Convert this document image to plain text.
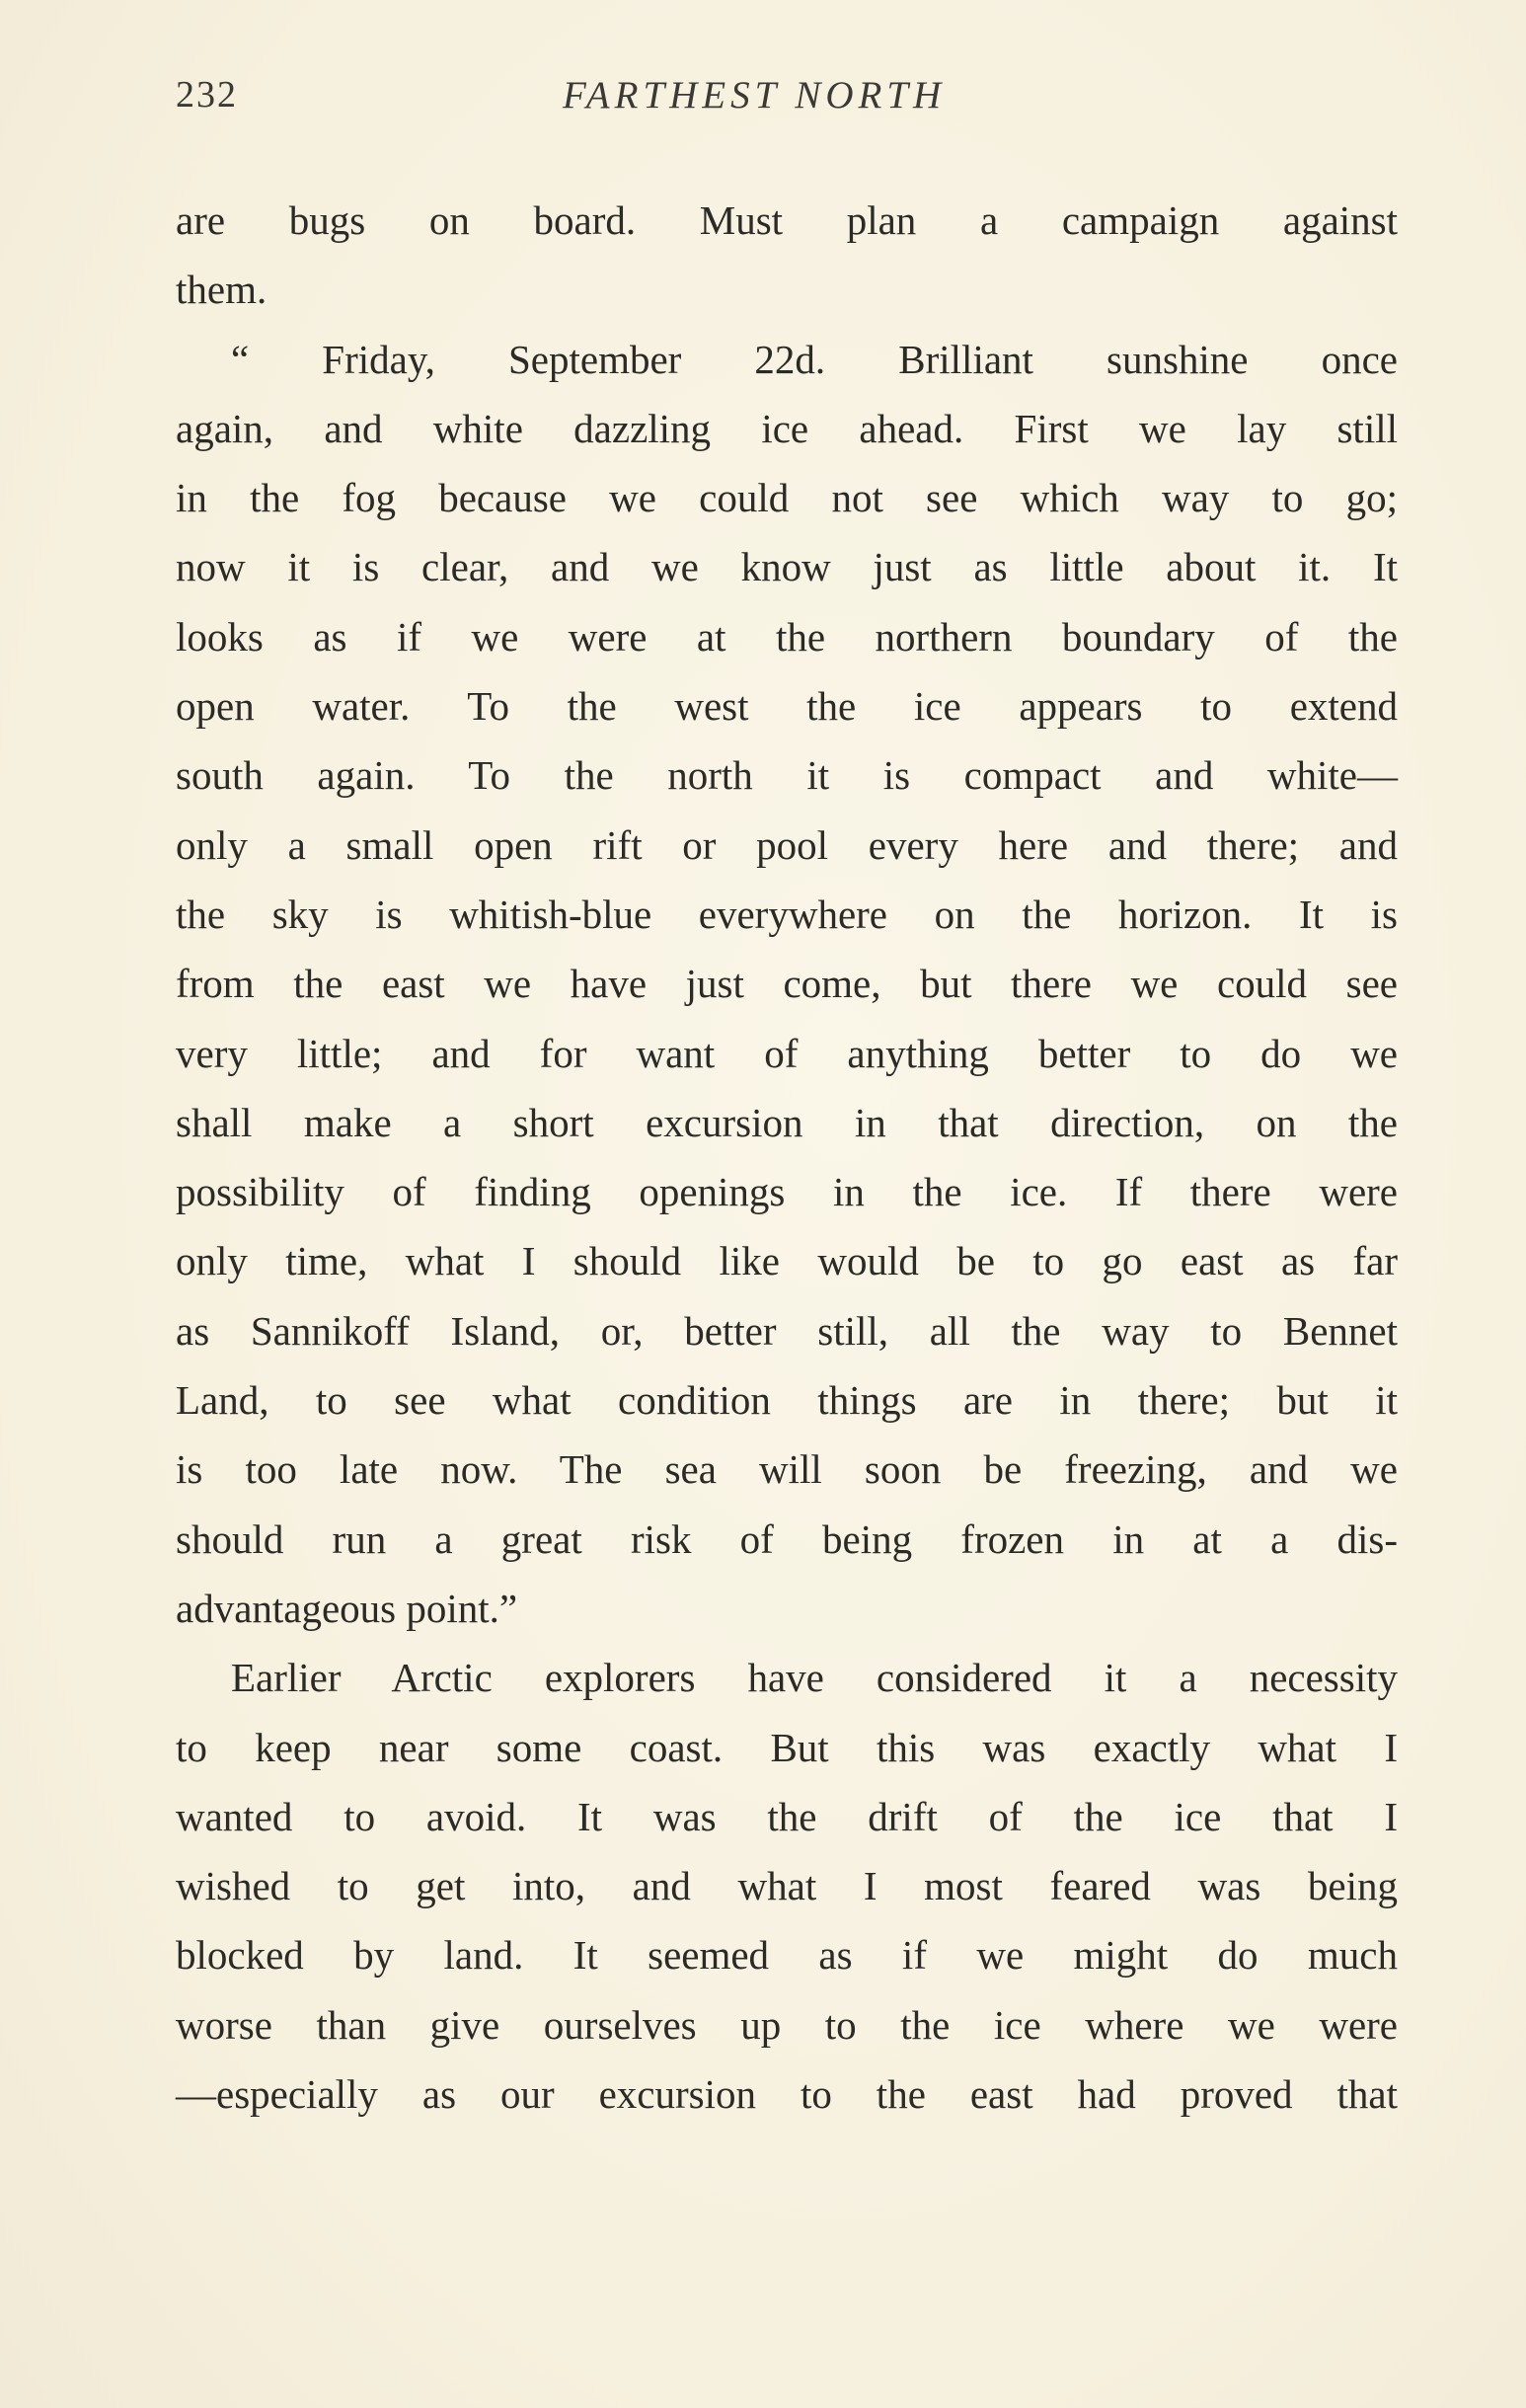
232	FARTHEST NORTH
are bugs on board. Must plan a campaign against
them.
“ Friday, September 22d. Brilliant sunshine once
again, and white dazzling ice ahead. First we lay still
in the fog because we could not see which way to go;
now it is clear, and we know just as little about it. It
looks as if we were at the northern boundary of the
open water. To the west the ice appears to extend
south again. To the north it is compact and white—
only a small open rift or pool every here and there; and
the sky is whitish-blue everywhere on the horizon. It is
from the east we have just come, but there we could see
very little; and for want of anything better to do we
shall make a short excursion in that direction, on the
possibility of finding openings in the ice. If there were
only time, what I should like would be to go east as far
as Sannikoff Island, or, better still, all the way to Bennet
Land, to see what condition things are in there; but it
is too late now. The sea will soon be freezing, and we
should run a great risk of being frozen in at a dis-
advantageous point.”
Earlier Arctic explorers have considered it a necessity
to keep near some coast. But this was exactly what I
wanted to avoid. It was the drift of the ice that I
wished to get into, and what I most feared was being
blocked by land. It seemed as if we might do much
worse than give ourselves up to the ice where we were
—especially as our excursion to the east had proved that
